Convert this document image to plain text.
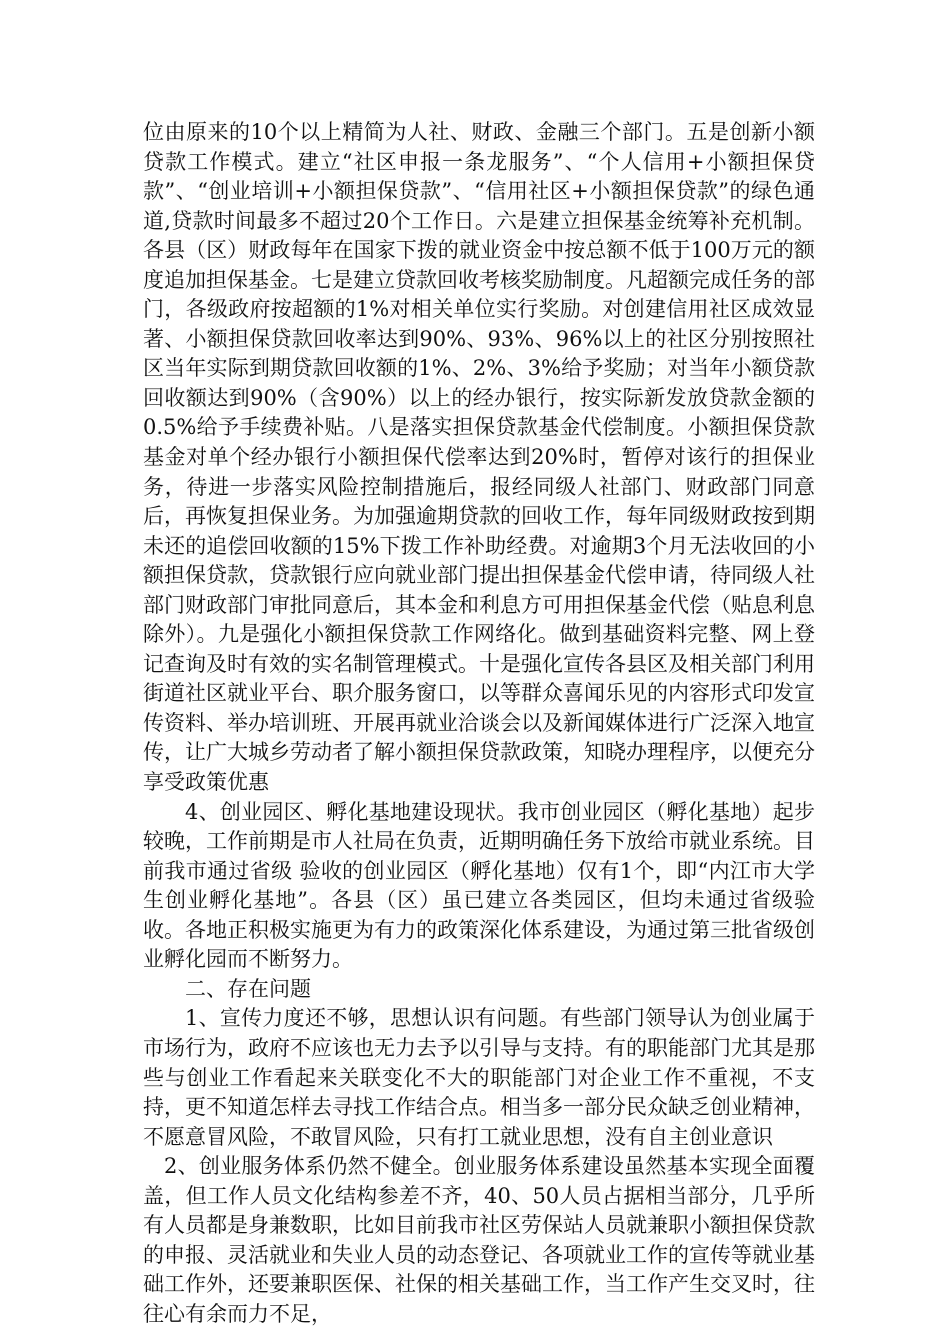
位由原来的10个以上精简为人社、财政、金融三个部门。五是创新小额贷款工作模式。建立“社区申报一条龙服务”、“个人信用+小额担保贷款”、“创业培训+小额担保贷款”、“信用社区+小额担保贷款”的绿色通道,贷款时间最多不超过20个工作日。六是建立担保基金统筹补充机制。各县（区）财政每年在国家下拨的就业资金中按总额不低于100万元的额度追加担保基金。七是建立贷款回收考核奖励制度。凡超额完成任务的部门，各级政府按超额的1%对相关单位实行奖励。对创建信用社区成效显著、小额担保贷款回收率达到90%、93%、96%以上的社区分别按照社区当年实际到期贷款回收额的1%、2%、3%给予奖励；对当年小额贷款回收额达到90%（含90%）以上的经办银行，按实际新发放贷款金额的0.5%给予手续费补贴。八是落实担保贷款基金代偿制度。小额担保贷款基金对单个经办银行小额担保代偿率达到20%时，暂停对该行的担保业务，待进一步落实风险控制措施后，报经同级人社部门、财政部门同意后，再恢复担保业务。为加强逾期贷款的回收工作，每年同级财政按到期未还的追偿回收额的15%下拨工作补助经费。对逾期3个月无法收回的小额担保贷款，贷款银行应向就业部门提出担保基金代偿申请，待同级人社部门财政部门审批同意后，其本金和利息方可用担保基金代偿（贴息利息除外）。九是强化小额担保贷款工作网络化。做到基础资料完整、网上登记查询及时有效的实名制管理模式。十是强化宣传各县区及相关部门利用街道社区就业平台、职介服务窗口，以等群众喜闻乐见的内容形式印发宣传资料、举办培训班、开展再就业洽谈会以及新闻媒体进行广泛深入地宣传，让广大城乡劳动者了解小额担保贷款政策，知晓办理程序，以便充分享受政策优惠

4、创业园区、孵化基地建设现状。我市创业园区（孵化基地）起步较晚，工作前期是市人社局在负责，近期明确任务下放给市就业系统。目前我市通过省级 验收的创业园区（孵化基地）仅有1个，即“内江市大学生创业孵化基地”。各县（区）虽已建立各类园区，但均未通过省级验收。各地正积极实施更为有力的政策深化体系建设，为通过第三批省级创业孵化园而不断努力。

二、存在问题

1、宣传力度还不够，思想认识有问题。有些部门领导认为创业属于市场行为，政府不应该也无力去予以引导与支持。有的职能部门尤其是那些与创业工作看起来关联变化不大的职能部门对企业工作不重视，不支持，更不知道怎样去寻找工作结合点。相当多一部分民众缺乏创业精神，不愿意冒风险，不敢冒风险，只有打工就业思想，没有自主创业意识

2、创业服务体系仍然不健全。创业服务体系建设虽然基本实现全面覆盖，但工作人员文化结构参差不齐，40、50人员占据相当部分，几乎所有人员都是身兼数职，比如目前我市社区劳保站人员就兼职小额担保贷款的申报、灵活就业和失业人员的动态登记、各项就业工作的宣传等就业基础工作外，还要兼职医保、社保的相关基础工作，当工作产生交叉时，往往心有余而力不足，
